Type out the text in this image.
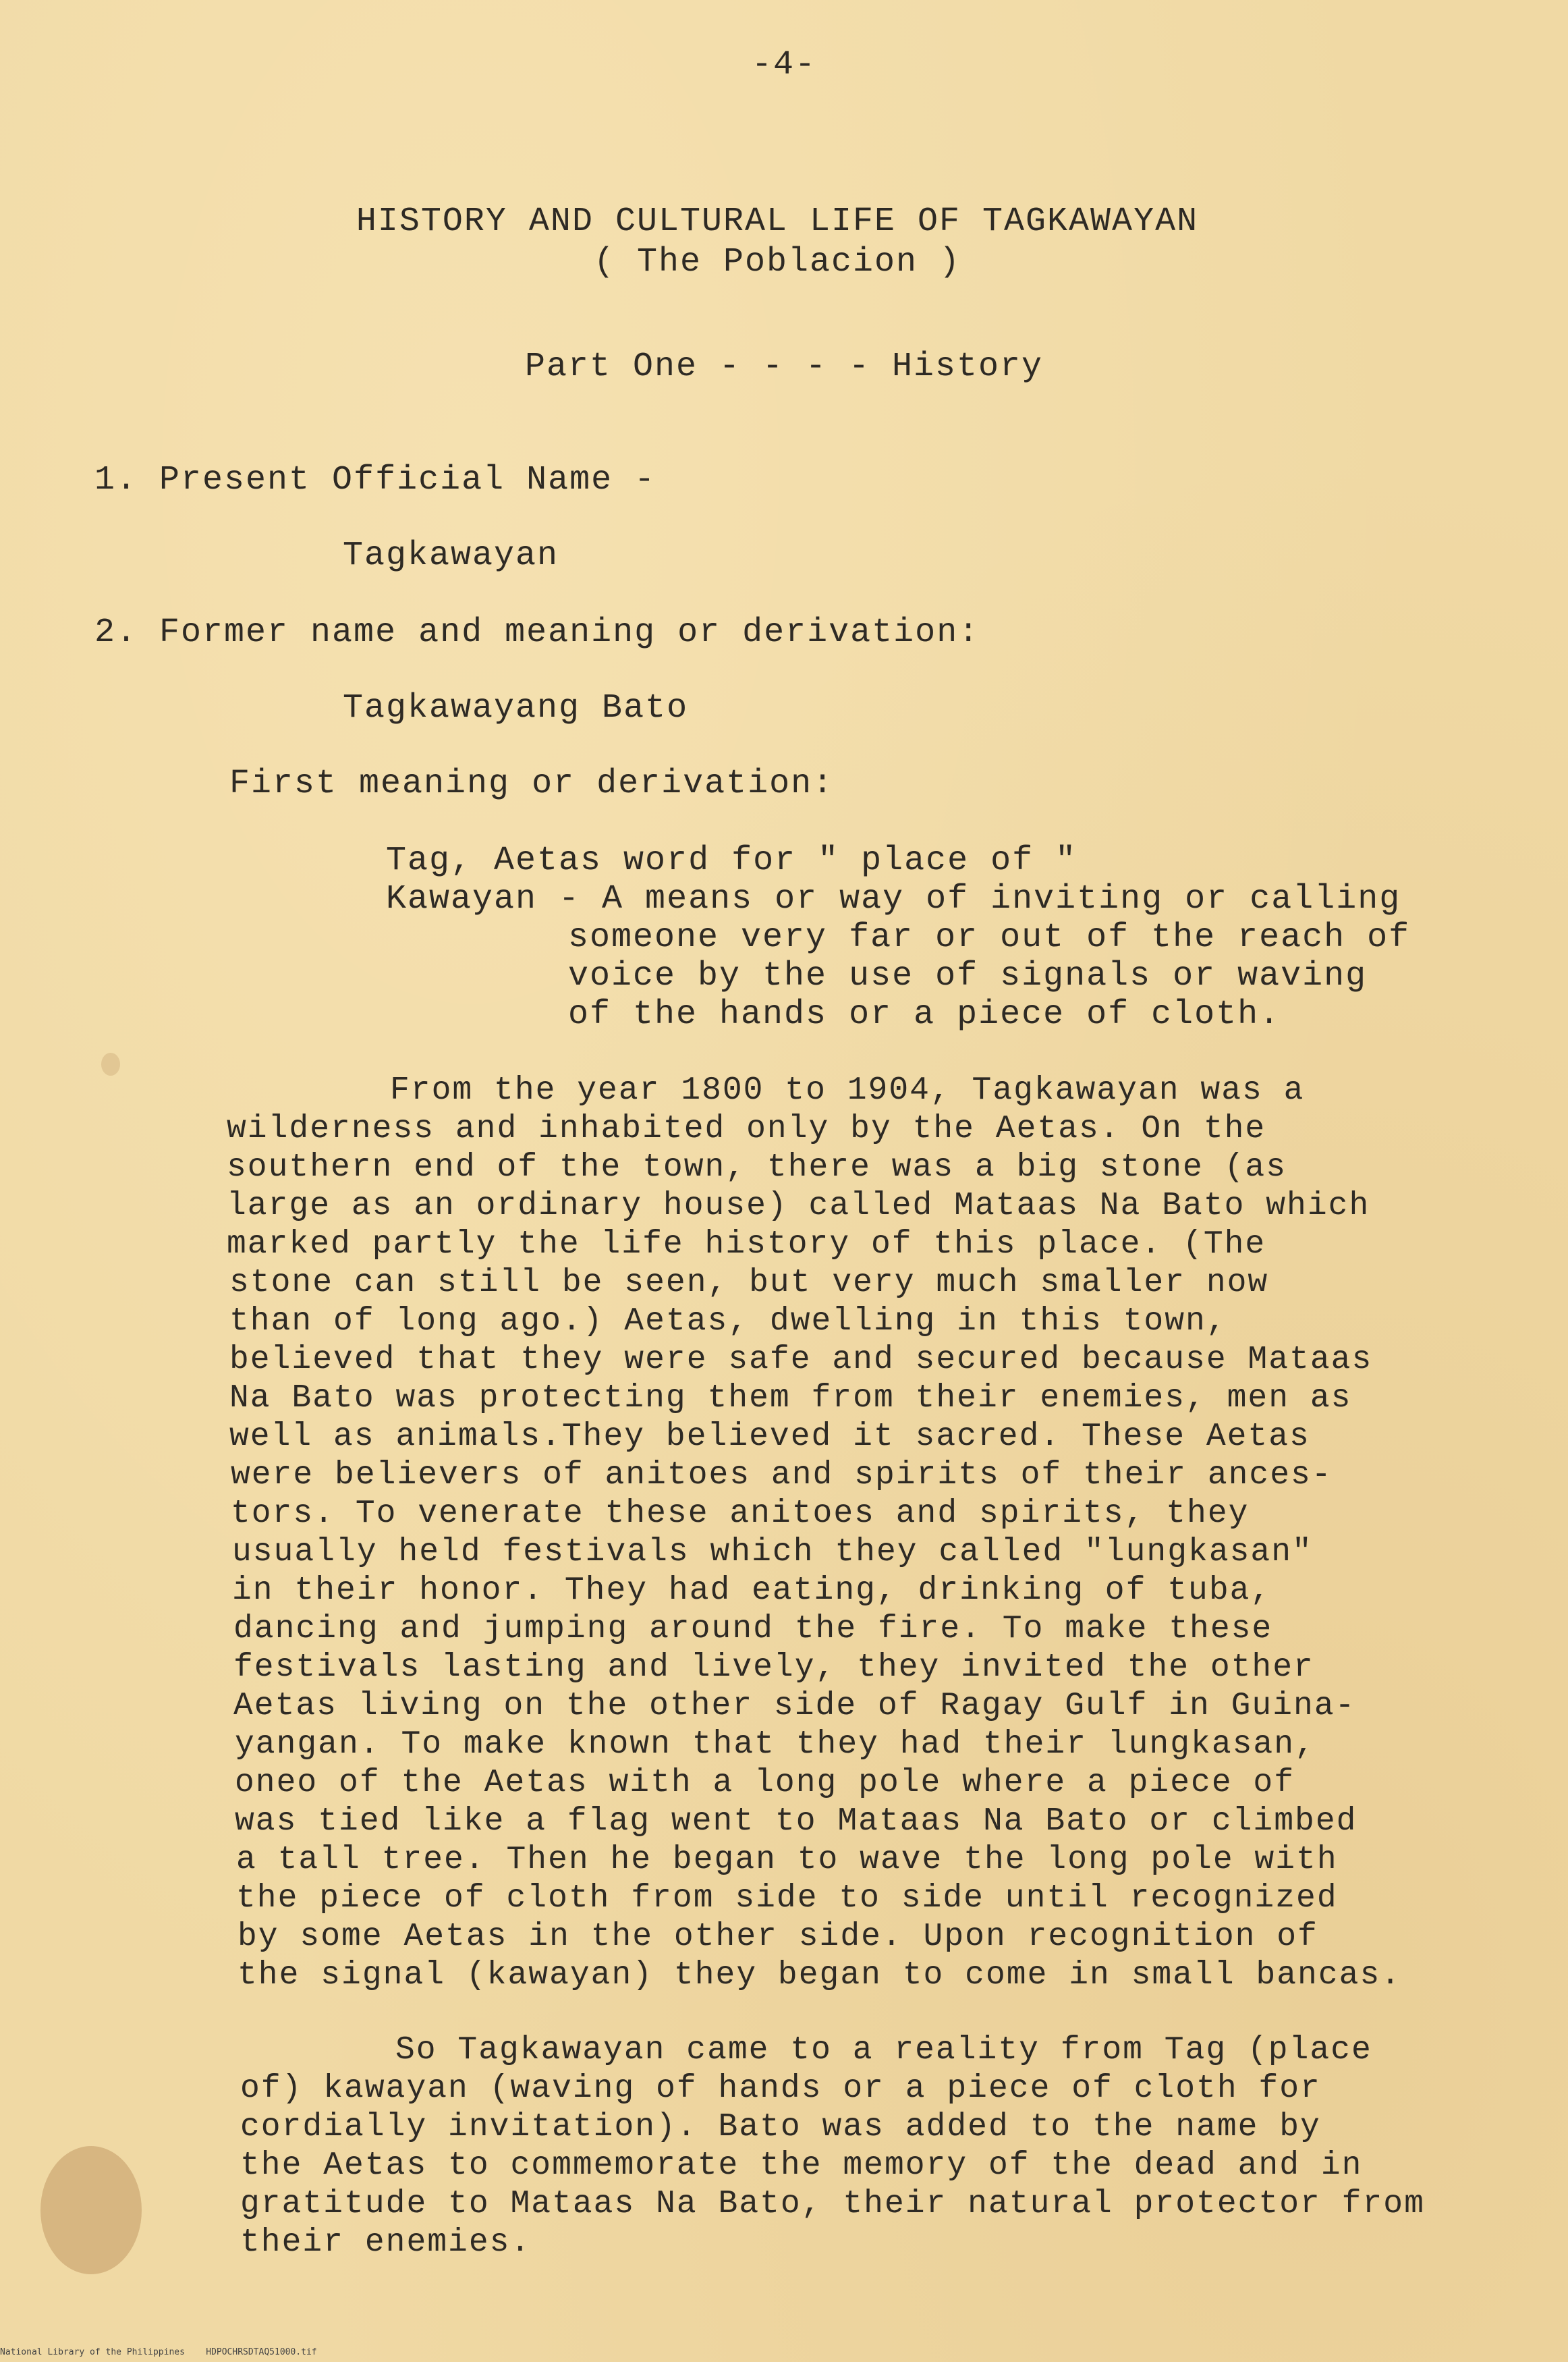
-4-
HISTORY AND CULTURAL LIFE OF TAGKAWAYAN
( The Poblacion )
Part One - - - - History
1. Present Official Name -
Tagkawayan
2. Former name and meaning or derivation:
Tagkawayang Bato
First meaning or derivation:
Tag, Aetas word for " place of "
Kawayan - A means or way of inviting or calling
someone very far or out of the reach of
voice by the use of signals or waving
of the hands or a piece of cloth.
From the year 1800 to 1904, Tagkawayan was a
wilderness and inhabited only by the Aetas. On the
southern end of the town, there was a big stone (as
large as an ordinary house) called Mataas Na Bato which
marked partly the life history of this place. (The
stone can still be seen, but very much smaller now
than of long ago.) Aetas, dwelling in this town,
believed that they were safe and secured because Mataas
Na Bato was protecting them from their enemies, men as
well as animals.They believed it sacred. These Aetas
were believers of anitoes and spirits of their ances-
tors. To venerate these anitoes and spirits, they
usually held festivals which they called "lungkasan"
in their honor. They had eating, drinking of tuba,
dancing and jumping around the fire. To make these
festivals lasting and lively, they invited the other
Aetas living on the other side of Ragay Gulf in Guina-
yangan. To make known that they had their lungkasan,
oneo of the Aetas with a long pole where a piece of
was tied like a flag went to Mataas Na Bato or climbed
a tall tree. Then he began to wave the long pole with
the piece of cloth from side to side until recognized
by some Aetas in the other side. Upon recognition of
the signal (kawayan) they began to come in small bancas.
So Tagkawayan came to a reality from Tag (place
of) kawayan (waving of hands or a piece of cloth for
cordially invitation). Bato was added to the name by
the Aetas to commemorate the memory of the dead and in
gratitude to Mataas Na Bato, their natural protector from
their enemies.
National Library of the Philippines    HDPOCHRSDTAQ51000.tif
